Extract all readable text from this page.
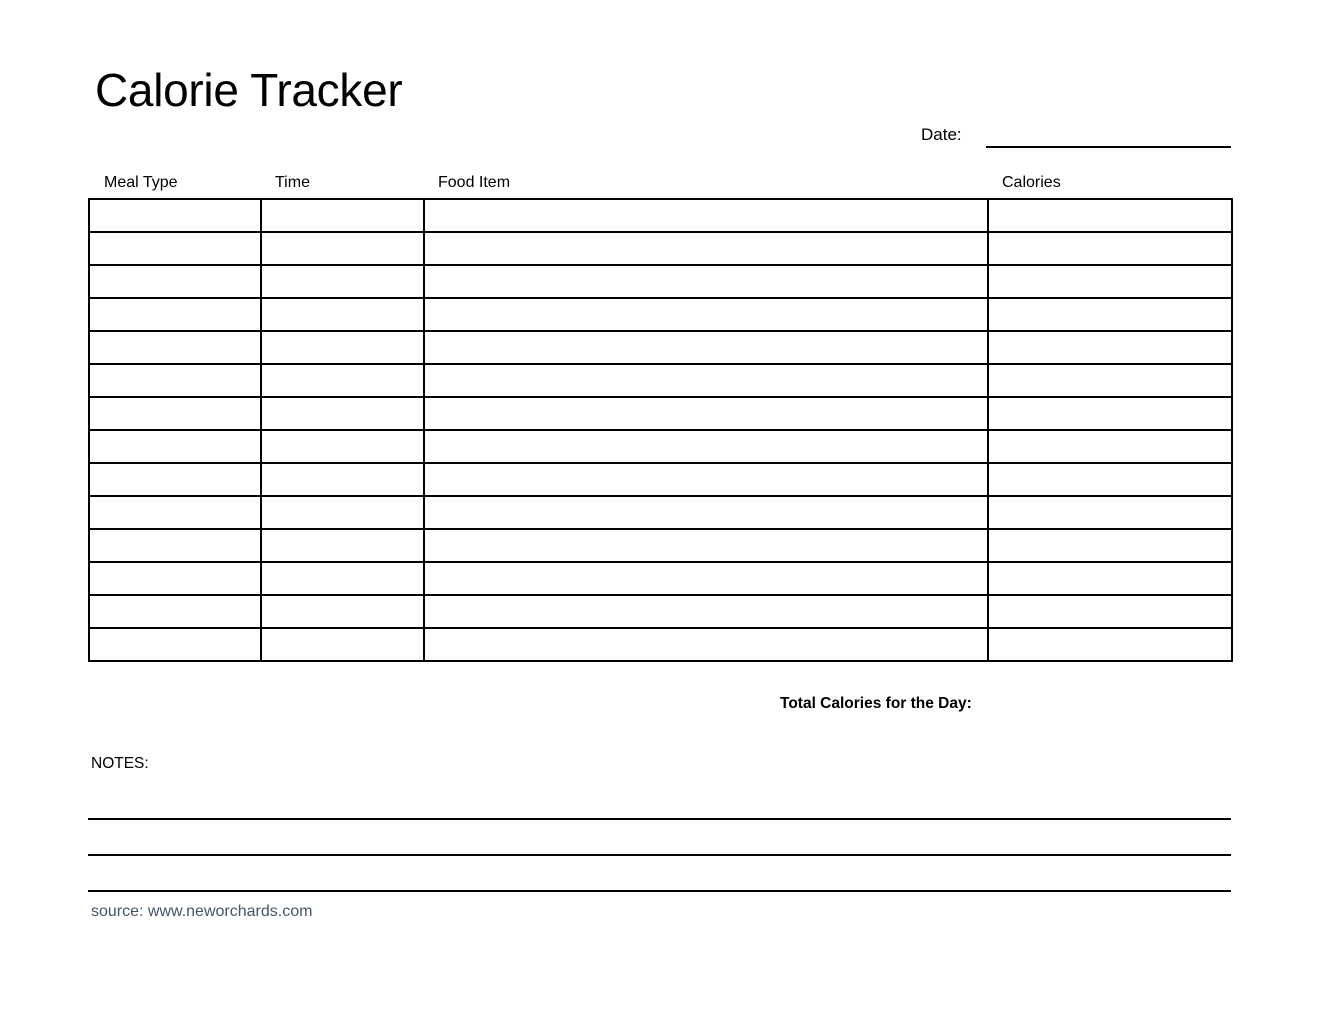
Calorie Tracker
Date:
Meal Type	Time	Food Item	Calories

Total Calories for the Day:
NOTES:
source: www.neworchards.com
